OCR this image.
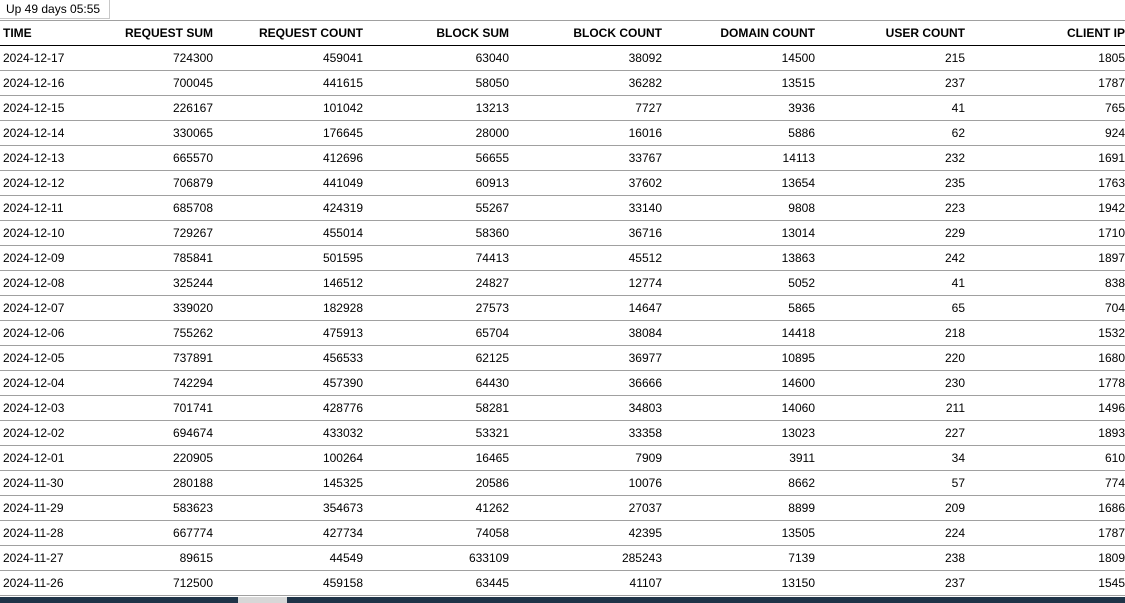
Up 49 days 05:55
TIME	REQUEST SUM	REQUEST COUNT	BLOCK SUM	BLOCK COUNT	DOMAIN COUNT	USER COUNT	CLIENT IP
2024-12-17	724300	459041	63040	38092	14500	215	1805
2024-12-16	700045	441615	58050	36282	13515	237	1787
2024-12-15	226167	101042	13213	7727	3936	41	765
2024-12-14	330065	176645	28000	16016	5886	62	924
2024-12-13	665570	412696	56655	33767	14113	232	1691
2024-12-12	706879	441049	60913	37602	13654	235	1763
2024-12-11	685708	424319	55267	33140	9808	223	1942
2024-12-10	729267	455014	58360	36716	13014	229	1710
2024-12-09	785841	501595	74413	45512	13863	242	1897
2024-12-08	325244	146512	24827	12774	5052	41	838
2024-12-07	339020	182928	27573	14647	5865	65	704
2024-12-06	755262	475913	65704	38084	14418	218	1532
2024-12-05	737891	456533	62125	36977	10895	220	1680
2024-12-04	742294	457390	64430	36666	14600	230	1778
2024-12-03	701741	428776	58281	34803	14060	211	1496
2024-12-02	694674	433032	53321	33358	13023	227	1893
2024-12-01	220905	100264	16465	7909	3911	34	610
2024-11-30	280188	145325	20586	10076	8662	57	774
2024-11-29	583623	354673	41262	27037	8899	209	1686
2024-11-28	667774	427734	74058	42395	13505	224	1787
2024-11-27	89615	44549	633109	285243	7139	238	1809
2024-11-26	712500	459158	63445	41107	13150	237	1545
